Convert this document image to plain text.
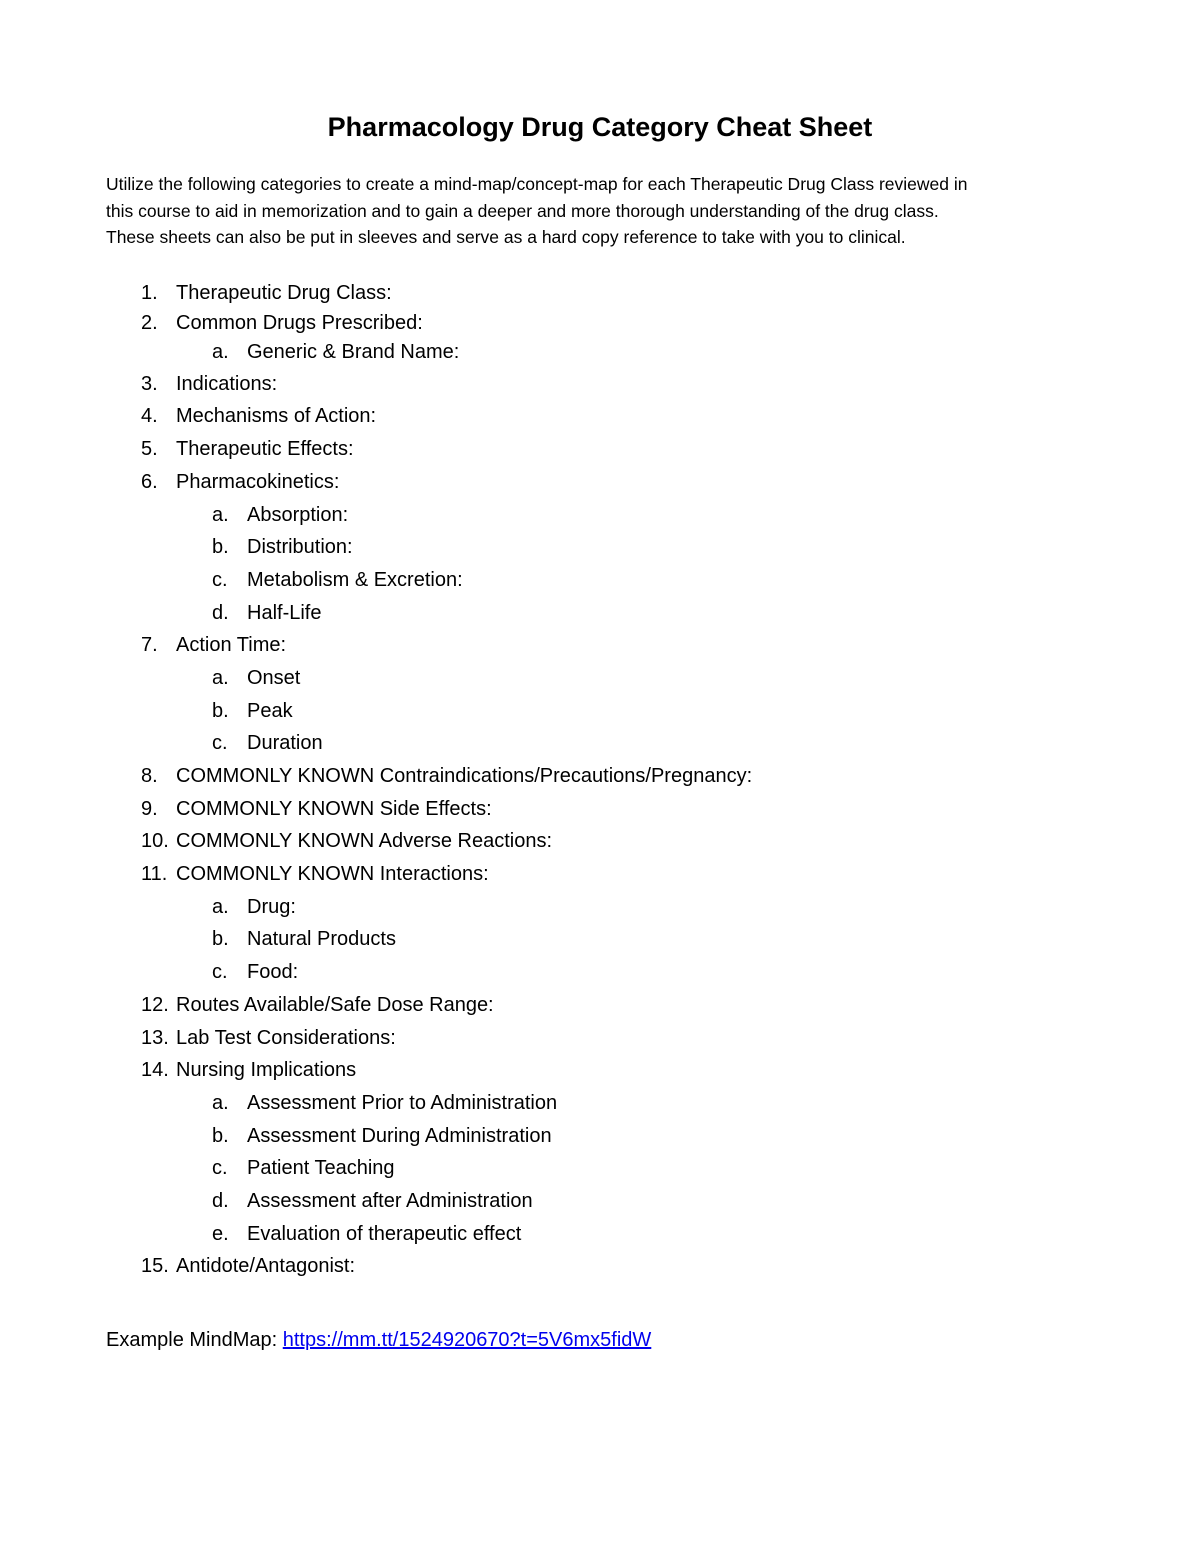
Pharmacology Drug Category Cheat Sheet
Utilize the following categories to create a mind-map/concept-map for each Therapeutic Drug Class reviewed in
this course to aid in memorization and to gain a deeper and more thorough understanding of the drug class.
These sheets can also be put in sleeves and serve as a hard copy reference to take with you to clinical.
1. Therapeutic Drug Class:
2. Common Drugs Prescribed:
a. Generic & Brand Name:
3. Indications:
4. Mechanisms of Action:
5. Therapeutic Effects:
6. Pharmacokinetics:
a. Absorption:
b. Distribution:
c. Metabolism & Excretion:
d. Half-Life
7. Action Time:
a. Onset
b. Peak
c. Duration
8. COMMONLY KNOWN Contraindications/Precautions/Pregnancy:
9. COMMONLY KNOWN Side Effects:
10. COMMONLY KNOWN Adverse Reactions:
11. COMMONLY KNOWN Interactions:
a. Drug:
b. Natural Products
c. Food:
12. Routes Available/Safe Dose Range:
13. Lab Test Considerations:
14. Nursing Implications
a. Assessment Prior to Administration
b. Assessment During Administration
c. Patient Teaching
d. Assessment after Administration
e. Evaluation of therapeutic effect
15. Antidote/Antagonist:
Example MindMap: https://mm.tt/1524920670?t=5V6mx5fidW
